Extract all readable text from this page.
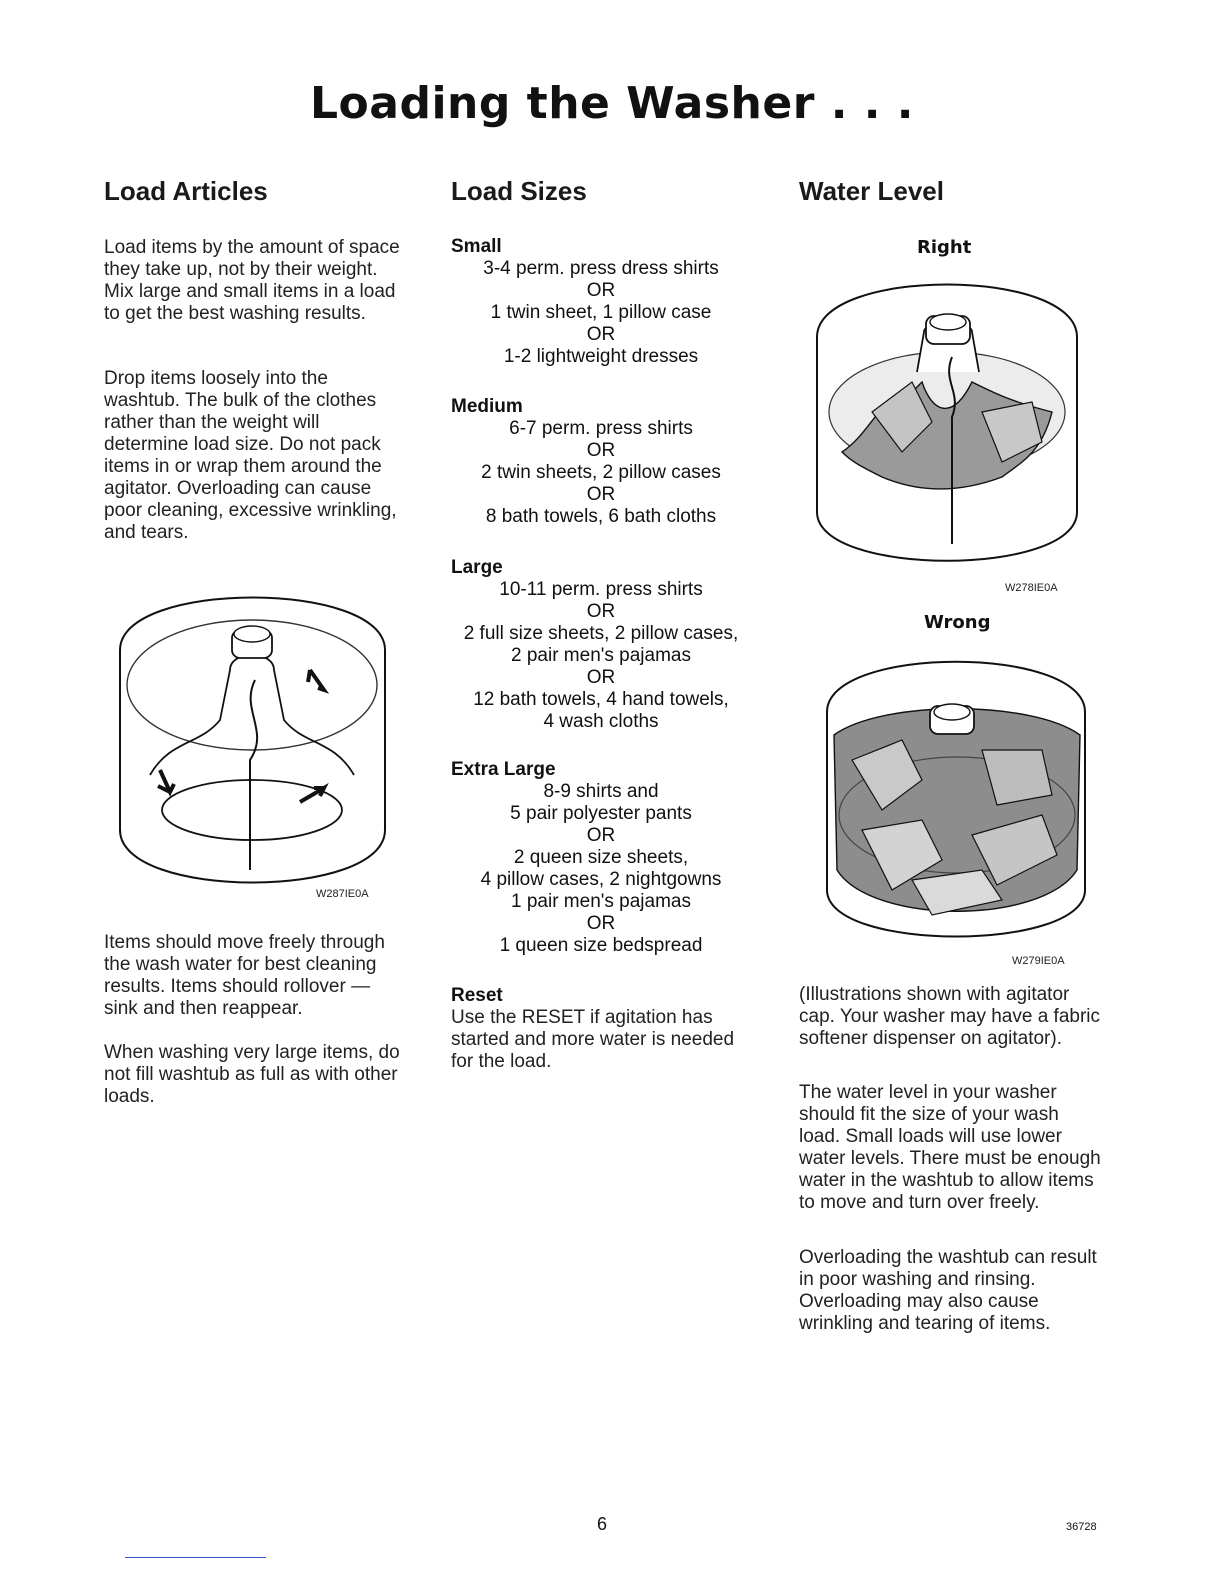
Loading the Washer . . .
Load Articles

Load items by the amount of space they take up, not by their weight. Mix large and small items in a load to get the best washing results.

Drop items loosely into the washtub. The bulk of the clothes rather than the weight will determine load size. Do not pack items in or wrap them around the agitator. Overloading can cause poor cleaning, excessive wrinkling, and tears.

W287IE0A

Items should move freely through the wash water for best cleaning results. Items should rollover — sink and then reappear.

When washing very large items, do not fill washtub as full as with other loads.

Load Sizes
Small
3-4 perm. press dress shirts
OR
1 twin sheet, 1 pillow case
OR
1-2 lightweight dresses
Medium
6-7 perm. press shirts
OR
2 twin sheets, 2 pillow cases
OR
8 bath towels, 6 bath cloths
Large
10-11 perm. press shirts
OR
2 full size sheets, 2 pillow cases,
2 pair men's pajamas
OR
12 bath towels, 4 hand towels,
4 wash cloths
Extra Large
8-9 shirts and
5 pair polyester pants
OR
2 queen size sheets,
4 pillow cases, 2 nightgowns
1 pair men's pajamas
OR
1 queen size bedspread
Reset

Use the RESET if agitation has started and more water is needed for the load.

Water Level
Right
W278IE0A
Wrong
W279IE0A

(Illustrations shown with agitator cap. Your washer may have a fabric softener dispenser on agitator).

The water level in your washer should fit the size of your wash load. Small loads will use lower water levels. There must be enough water in the washtub to allow items to move and turn over freely.

Overloading the washtub can result in poor washing and rinsing. Overloading may also cause wrinkling and tearing of items.

6	36728
